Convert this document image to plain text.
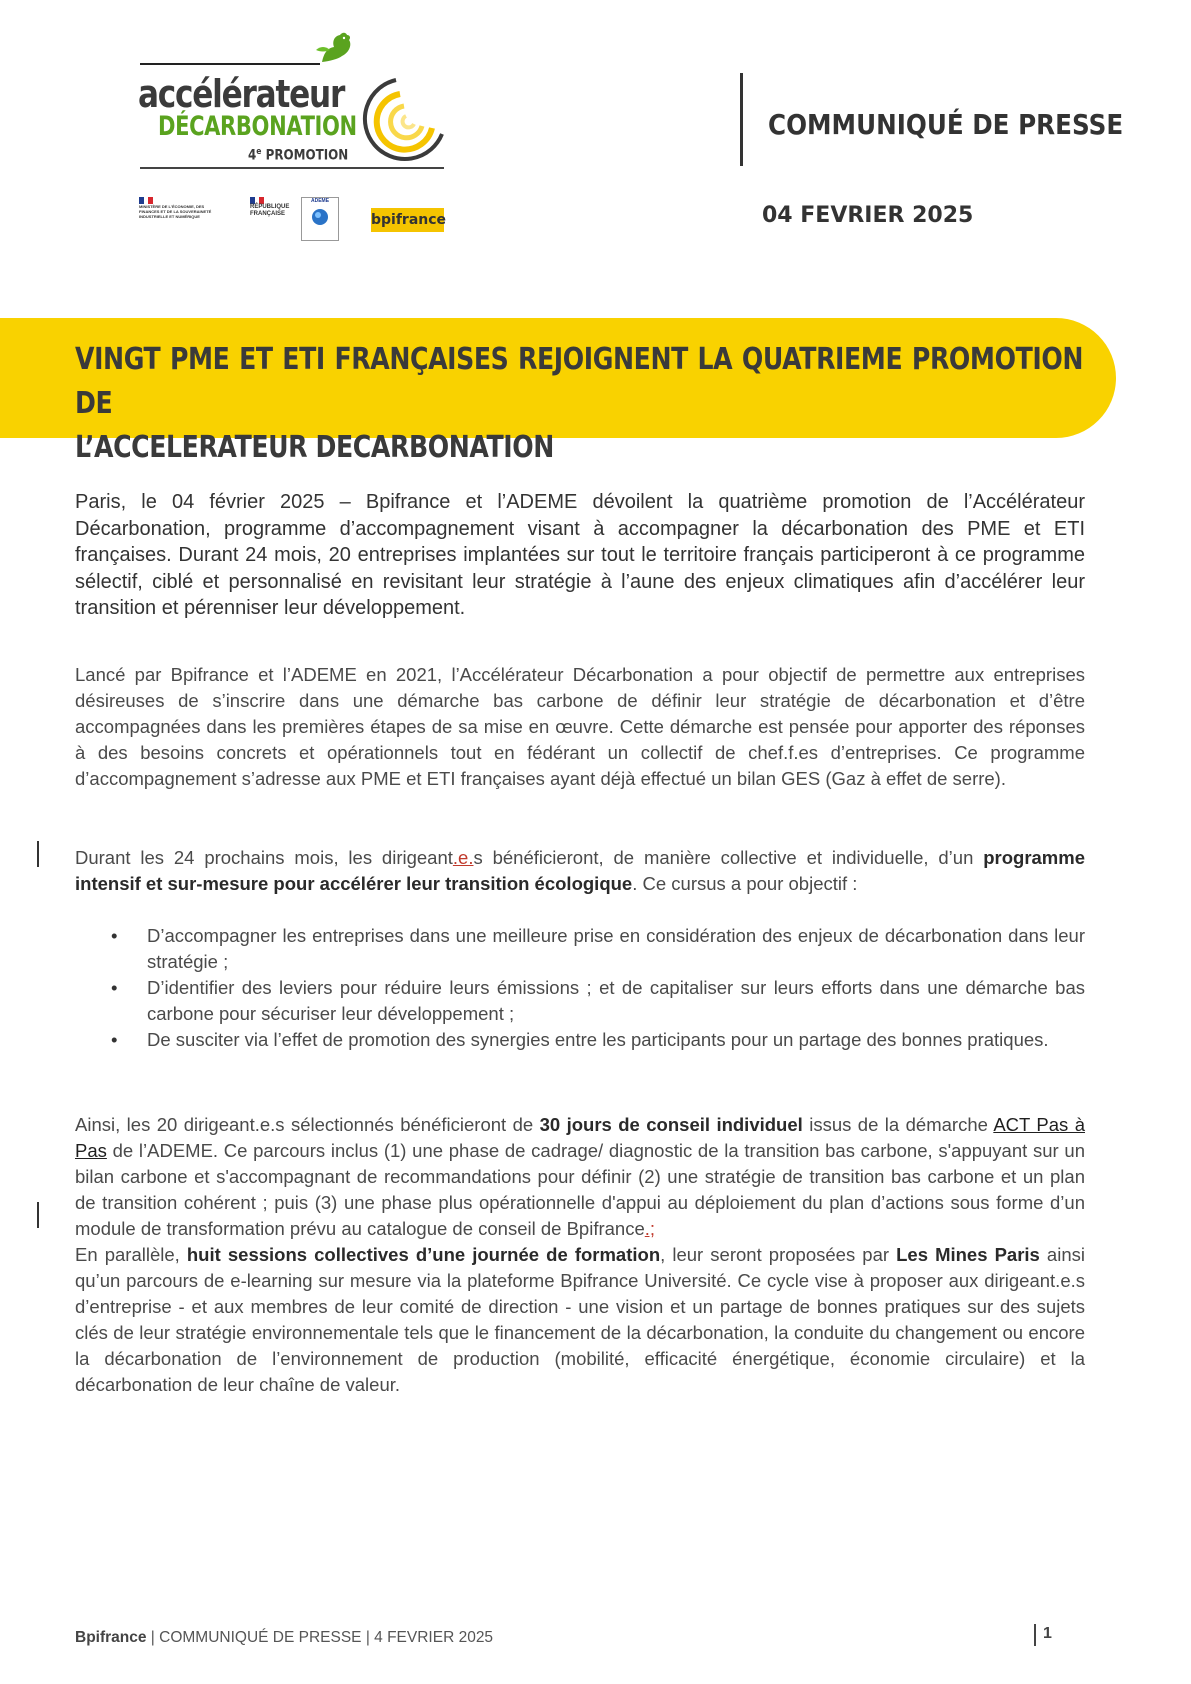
accélérateur
DÉCARBONATION
4e PROMOTION
MINISTÈRE DE L'ÉCONOMIE, DES FINANCES ET DE LA SOUVERAINETÉ INDUSTRIELLE ET NUMÉRIQUE
RÉPUBLIQUE FRANÇAISE
ADEME
bpifrance
COMMUNIQUÉ DE PRESSE
04 FEVRIER 2025
VINGT PME ET ETI FRANÇAISES REJOIGNENT LA QUATRIEME PROMOTION DE
L’ACCELERATEUR DECARBONATION
Paris, le 04 février 2025 – Bpifrance et l’ADEME dévoilent la quatrième promotion de l’Accélérateur Décarbonation, programme d’accompagnement visant à accompagner la décarbonation des PME et ETI françaises. Durant 24 mois, 20 entreprises implantées sur tout le territoire français participeront à ce programme sélectif, ciblé et personnalisé en revisitant leur stratégie à l’aune des enjeux climatiques afin d’accélérer leur transition et pérenniser leur développement.
Lancé par Bpifrance et l’ADEME en 2021, l’Accélérateur Décarbonation a pour objectif de permettre aux entreprises désireuses de s’inscrire dans une démarche bas carbone de définir leur stratégie de décarbonation et d’être accompagnées dans les premières étapes de sa mise en œuvre. Cette démarche est pensée pour apporter des réponses à des besoins concrets et opérationnels tout en fédérant un collectif de chef.f.es d’entreprises. Ce programme d’accompagnement s’adresse aux PME et ETI françaises ayant déjà effectué un bilan GES (Gaz à effet de serre).
Durant les 24 prochains mois, les dirigeant.e.s bénéficieront, de manière collective et individuelle, d’un programme intensif et sur-mesure pour accélérer leur transition écologique. Ce cursus a pour objectif :
• D’accompagner les entreprises dans une meilleure prise en considération des enjeux de décarbonation dans leur stratégie ;
• D’identifier des leviers pour réduire leurs émissions ; et de capitaliser sur leurs efforts dans une démarche bas carbone pour sécuriser leur développement ;
• De susciter via l’effet de promotion des synergies entre les participants pour un partage des bonnes pratiques.
Ainsi, les 20 dirigeant.e.s sélectionnés bénéficieront de 30 jours de conseil individuel issus de la démarche ACT Pas à Pas de l’ADEME. Ce parcours inclus (1) une phase de cadrage/ diagnostic de la transition bas carbone, s'appuyant sur un bilan carbone et s'accompagnant de recommandations pour définir (2) une stratégie de transition bas carbone et un plan de transition cohérent ; puis (3) une phase plus opérationnelle d'appui au déploiement du plan d’actions sous forme d’un module de transformation prévu au catalogue de conseil de Bpifrance.;
En parallèle, huit sessions collectives d’une journée de formation, leur seront proposées par Les Mines Paris ainsi qu’un parcours de e-learning sur mesure via la plateforme Bpifrance Université. Ce cycle vise à proposer aux dirigeant.e.s d’entreprise - et aux membres de leur comité de direction - une vision et un partage de bonnes pratiques sur des sujets clés de leur stratégie environnementale tels que le financement de la décarbonation, la conduite du changement ou encore la décarbonation de l’environnement de production (mobilité, efficacité énergétique, économie circulaire) et la décarbonation de leur chaîne de valeur.
Bpifrance | COMMUNIQUÉ DE PRESSE | 4 FEVRIER 2025	1
